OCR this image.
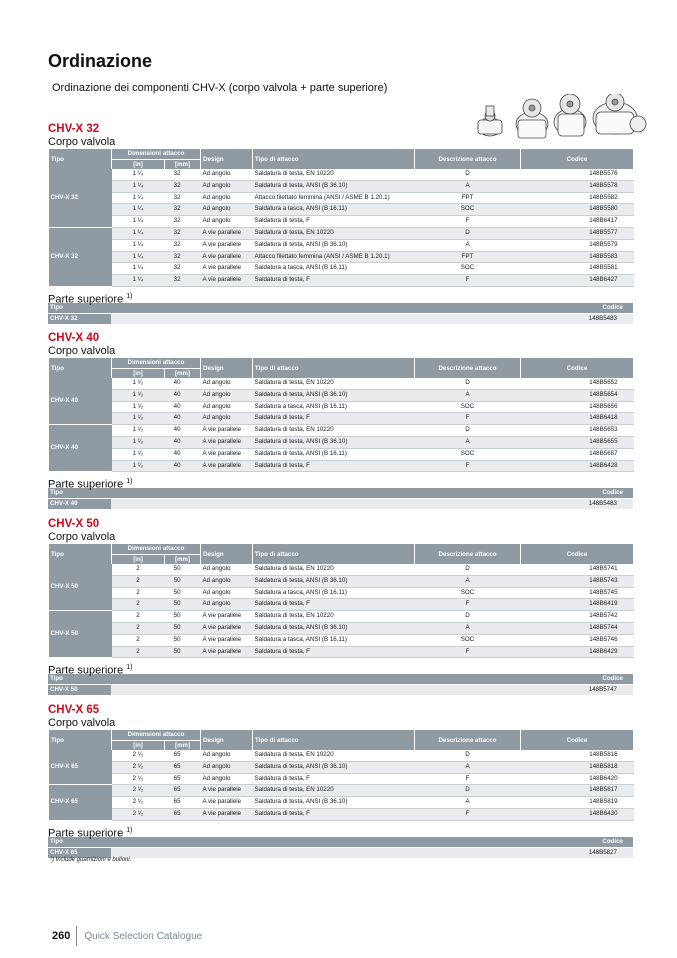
Ordinazione
Ordinazione dei componenti CHV-X (corpo valvola + parte superiore)
CHV-X 32
Corpo valvola
Tipo	Dimensioni attacco		Design	Tipo di attacco	Descrizione attacco	Codice
	[in]	[mm]				
CHV-X 32	1 ¹⁄₄	32	Ad angolo	Saldatura di testa, EN 10220	D	148B5576
	1 ¹⁄₄	32	Ad angolo	Saldatura di testa, ANSI (B 36.10)	A	148B5578
	1 ¹⁄₄	32	Ad angolo	Attacco filettato femmina (ANSI / ASME B 1.20.1)	FPT	148B5582
	1 ¹⁄₄	32	Ad angolo	Saldatura a tasca, ANSI (B 16.11)	SOC	148B5580
	1 ¹⁄₄	32	Ad angolo	Saldatura di testa, F	F	148B6417
CHV-X 32	1 ¹⁄₄	32	A vie parallele	Saldatura di testa, EN 10220	D	148B5577
	1 ¹⁄₄	32	A vie parallele	Saldatura di testa, ANSI (B 36.10)	A	148B5579
	1 ¹⁄₄	32	A vie parallele	Attacco filettato femmina (ANSI / ASME B 1.20.1)	FPT	148B5583
	1 ¹⁄₄	32	A vie parallele	Saldatura a tasca, ANSI (B 16.11)	SOC	148B5581
	1 ¹⁄₄	32	A vie parallele	Saldatura di testa, F	F	148B6427
Parte superiore $^{1)}$
Tipo		Codice
CHV-X 32		148B5483
CHV-X 40
Corpo valvola
Tipo	Dimensioni attacco		Design	Tipo di attacco	Descrizione attacco	Codice
	[in]	[mm]				
CHV-X 40	1 ¹⁄₂	40	Ad angolo	Saldatura di testa, EN 10220	D	148B5652
	1 ¹⁄₂	40	Ad angolo	Saldatura di testa, ANSI (B 36.10)	A	148B5654
	1 ¹⁄₂	40	Ad angolo	Saldatura a tasca, ANSI (B 16.11)	SOC	148B5656
	1 ¹⁄₂	40	Ad angolo	Saldatura di testa, F	F	148B6418
CHV-X 40	1 ¹⁄₂	40	A vie parallele	Saldatura di testa, EN 10220	D	148B5653
	1 ¹⁄₂	40	A vie parallele	Saldatura di testa, ANSI (B 36.10)	A	148B5655
	1 ¹⁄₂	40	A vie parallele	Saldatura di testa, ANSI (B 16.11)	SOC	148B5657
	1 ¹⁄₂	40	A vie parallele	Saldatura di testa, F	F	148B6428
Parte superiore $^{1)}$
Tipo		Codice
CHV-X 40		148B5483
CHV-X 50
Corpo valvola
Tipo	Dimensioni attacco		Design	Tipo di attacco	Descrizione attacco	Codice
	[in]	[mm]				
CHV-X 50	2	50	Ad angolo	Saldatura di testa, EN 10220	D	148B5741
	2	50	Ad angolo	Saldatura di testa, ANSI (B 36.10)	A	148B5743
	2	50	Ad angolo	Saldatura a tasca, ANSI (B 16.11)	SOC	148B5745
	2	50	Ad angolo	Saldatura di testa, F	F	148B6419
CHV-X 50	2	50	A vie parallele	Saldatura di testa, EN 10220	D	148B5742
	2	50	A vie parallele	Saldatura di testa, ANSI (B 36.10)	A	148B5744
	2	50	A vie parallele	Saldatura a tasca, ANSI (B 16.11)	SOC	148B5746
	2	50	A vie parallele	Saldatura di testa, F	F	148B6429
Parte superiore $^{1)}$
Tipo		Codice
CHV-X 50		148B5747
CHV-X 65
Corpo valvola
Tipo	Dimensioni attacco		Design	Tipo di attacco	Descrizione attacco	Codice
	[in]	[mm]				
CHV-X 65	2 ¹⁄₂	65	Ad angolo	Saldatura di testa, EN 10220	D	148B5816
	2 ¹⁄₂	65	Ad angolo	Saldatura di testa, ANSI (B 36.10)	A	148B5818
	2 ¹⁄₂	65	Ad angolo	Saldatura di testa, F	F	148B6420
CHV-X 65	2 ¹⁄₂	65	A vie parallele	Saldatura di testa, EN 10220	D	148B5817
	2 ¹⁄₂	65	A vie parallele	Saldatura di testa, ANSI (B 36.10)	A	148B5819
	2 ¹⁄₂	65	A vie parallele	Saldatura di testa, F	F	148B6430
Parte superiore $^{1)}$
Tipo		Codice
CHV-X 65		148B5827
¹) Include guarnizioni e bulloni.
260 Quick Selection Catalogue
